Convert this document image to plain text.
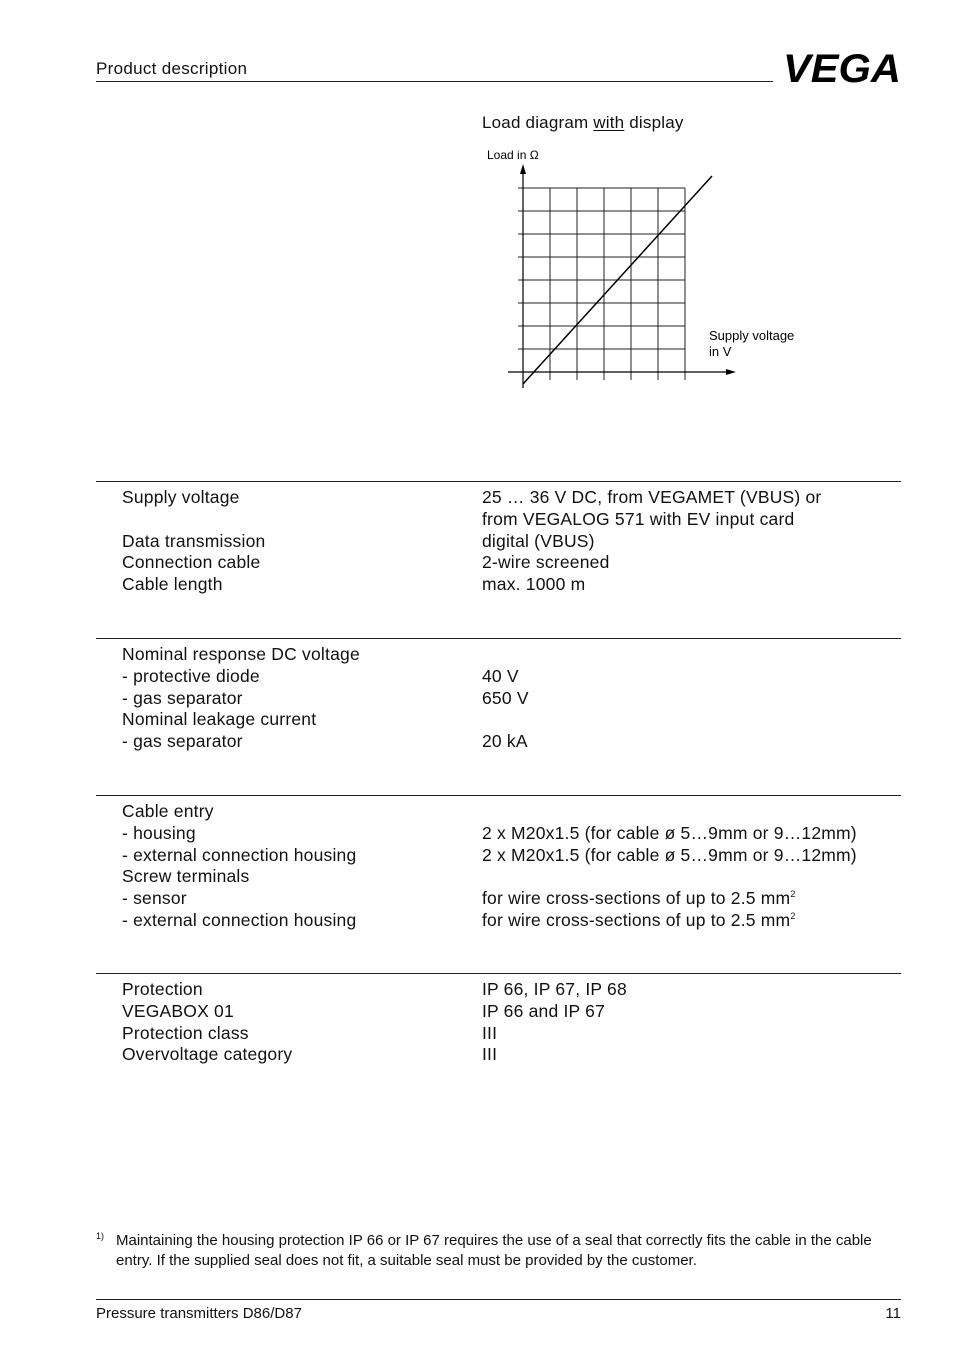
Product description	VEGA
Load diagram with display
Load in Ω
Supply voltage
in V
Supply voltage	25 … 36 V DC, from VEGAMET (VBUS) or
from VEGALOG 571 with EV input card
Data transmission	digital (VBUS)
Connection cable	2-wire screened
Cable length	max. 1000 m
Nominal response DC voltage
- protective diode	40 V
- gas separator	650 V
Nominal leakage current
- gas separator	20 kA
Cable entry
- housing	2 x M20x1.5 (for cable ø 5…9mm or 9…12mm)
- external connection housing	2 x M20x1.5 (for cable ø 5…9mm or 9…12mm)
Screw terminals
- sensor	for wire cross-sections of up to 2.5 $mm^2$
- external connection housing	for wire cross-sections of up to 2.5 $mm^2$
Protection	IP 66, IP 67, IP 68
VEGABOX 01	IP 66 and IP 67
Protection class	III
Overvoltage category	III
1) Maintaining the housing protection IP 66 or IP 67 requires the use of a seal that correctly fits the cable in the cable entry. If the supplied seal does not fit, a suitable seal must be provided by the customer.
Pressure transmitters D86/D87	11
